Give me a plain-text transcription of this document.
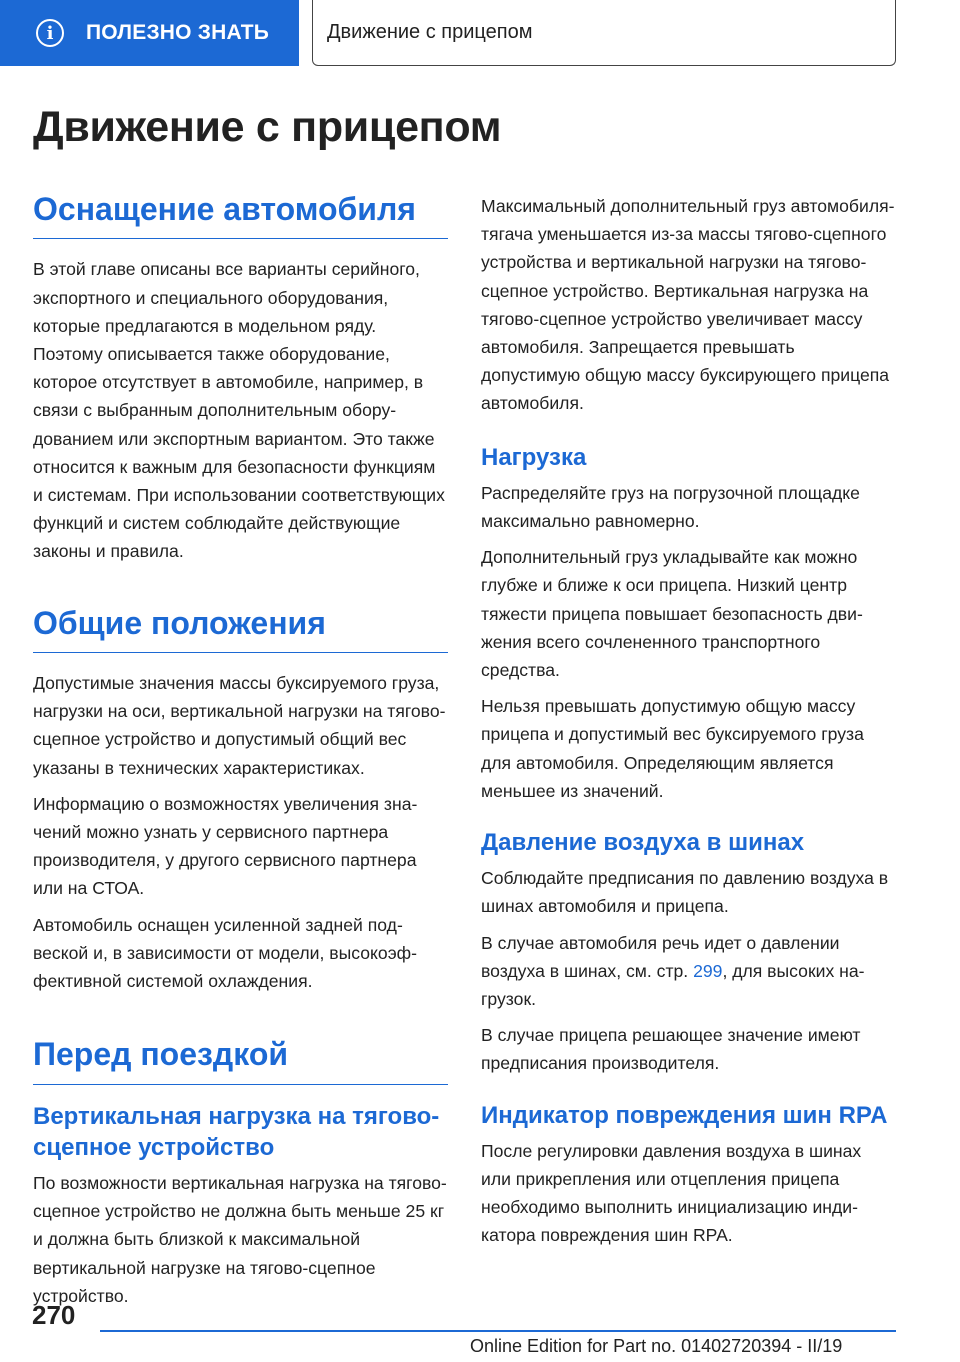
i	ПОЛЕЗНО ЗНАТЬ	Движение с прицепом
Движение с прицепом
Оснащение автомобиля

В этой главе описаны все варианты серийного, экспортного и специального оборудования, которые предлагаются в модельном ряду. Поэтому описывается также оборудование, которое отсутствует в автомобиле, например, в связи с выбранным дополнительным оборудованием или экспортным вариантом. Это также относится к важным для безопасности функциям и системам. При использовании соответствующих функций и систем соблюдайте действующие законы и правила.

Общие положения

Допустимые значения массы буксируемого груза, нагрузки на оси, вертикальной нагрузки на тягово-сцепное устройство и допустимый общий вес указаны в технических характеристиках.

Информацию о возможностях увеличения значений можно узнать у сервисного партнера производителя, у другого сервисного партнера или на СТОА.

Автомобиль оснащен усиленной задней подвеской и, в зависимости от модели, высокоэффективной системой охлаждения.

Перед поездкой
Вертикальная нагрузка на тягово-сцепное устройство

По возможности вертикальная нагрузка на тягово-сцепное устройство не должна быть меньше 25 кг и должна быть близкой к максимальной вертикальной нагрузке на тягово-сцепное устройство.

Максимальный дополнительный груз автомобиля-тягача уменьшается из-за массы тягово-сцепного устройства и вертикальной нагрузки на тягово-сцепное устройство. Вертикальная нагрузка на тягово-сцепное устройство увеличивает массу автомобиля. Запрещается превышать допустимую общую массу буксирующего прицепа автомобиля.

Нагрузка

Распределяйте груз на погрузочной площадке максимально равномерно.

Дополнительный груз укладывайте как можно глубже и ближе к оси прицепа. Низкий центр тяжести прицепа повышает безопасность движения всего сочлененного транспортного средства.

Нельзя превышать допустимую общую массу прицепа и допустимый вес буксируемого груза для автомобиля. Определяющим является меньшее из значений.

Давление воздуха в шинах

Соблюдайте предписания по давлению воздуха в шинах автомобиля и прицепа.

В случае автомобиля речь идет о давлении воздуха в шинах, см. стр. 299, для высоких нагрузок.

В случае прицепа решающее значение имеют предписания производителя.

Индикатор повреждения шин RPA

После регулировки давления воздуха в шинах или прикрепления или отцепления прицепа необходимо выполнить инициализацию индикатора повреждения шин RPA.

270
Online Edition for Part no. 01402720394 - II/19
